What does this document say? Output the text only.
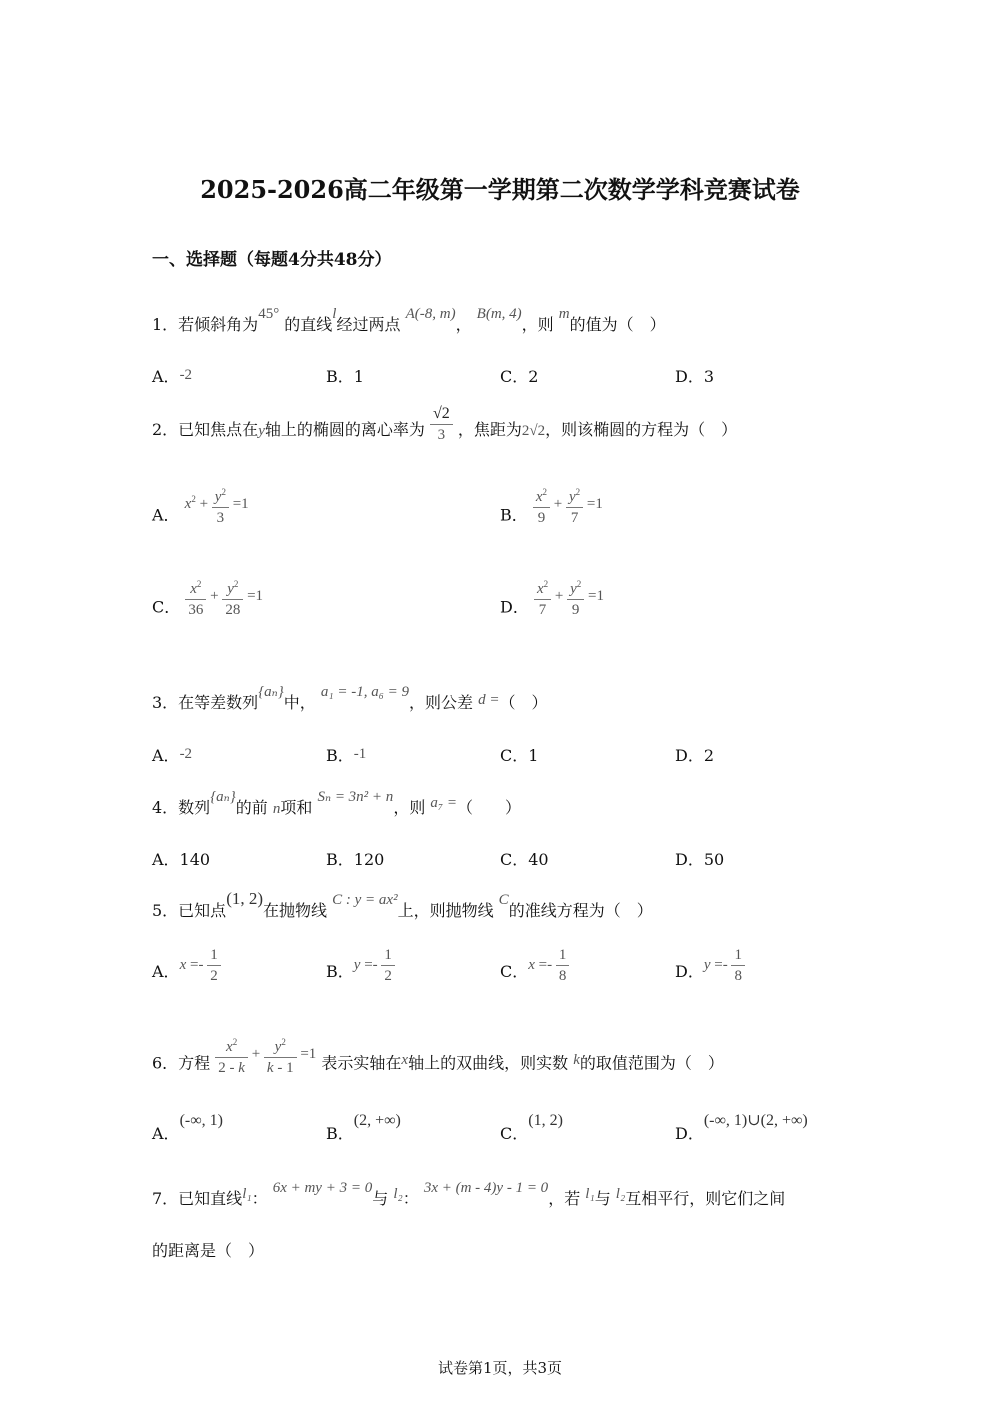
2025-2026高二年级第一学期第二次数学学科竞赛试卷
一、选择题（每题4分共48分）
1．若倾斜角为45° 的直线l经过两点 A(-8, m)， B(m, 4)，则 m的值为（　）
A．-2	B．1	C．2	D．3
2．已知焦点在y轴上的椭圆的离心率为 $\frac{√2}{3}$ ，焦距为2√2，则该椭圆的方程为（　）
A． $x^2 + \frac{y^2}{3} =1$
B． $\frac{x^2}{9} + \frac{y^2}{7} =1$
C． $\frac{x^2}{36} + \frac{y^2}{28} =1$
D． $\frac{x^2}{7} + \frac{y^2}{9} =1$
3．在等差数列{aₙ}中， a₁ = -1, a₆ = 9，则公差 d =（　）
A．-2	B．-1	C．1	D．2
4．数列{aₙ}的前 n项和 Sₙ = 3n² + n，则 a₇ =（　　）
A．140	B．120	C．40	D．50
5．已知点(1, 2)在抛物线 C : y = ax²上，则抛物线 C的准线方程为（　）
A．$x =- \frac{1}{2}$	B．$y =- \frac{1}{2}$	C．$x =- \frac{1}{8}$	D．$y =- \frac{1}{8}$
6．方程 $\frac{x^2}{2 - k} + \frac{y^2}{k - 1} =1$ 表示实轴在x轴上的双曲线，则实数 k的取值范围为（　）
A．(-∞, 1)
B．(2, +∞)
C．(1, 2)
D．(-∞, 1)∪(2, +∞)
7．已知直线l₁： 6x + my + 3 = 0与 l₂： 3x + (m - 4)y - 1 = 0，若 l₁与 l₂互相平行，则它们之间
的距离是（　）
试卷第1页，共3页
